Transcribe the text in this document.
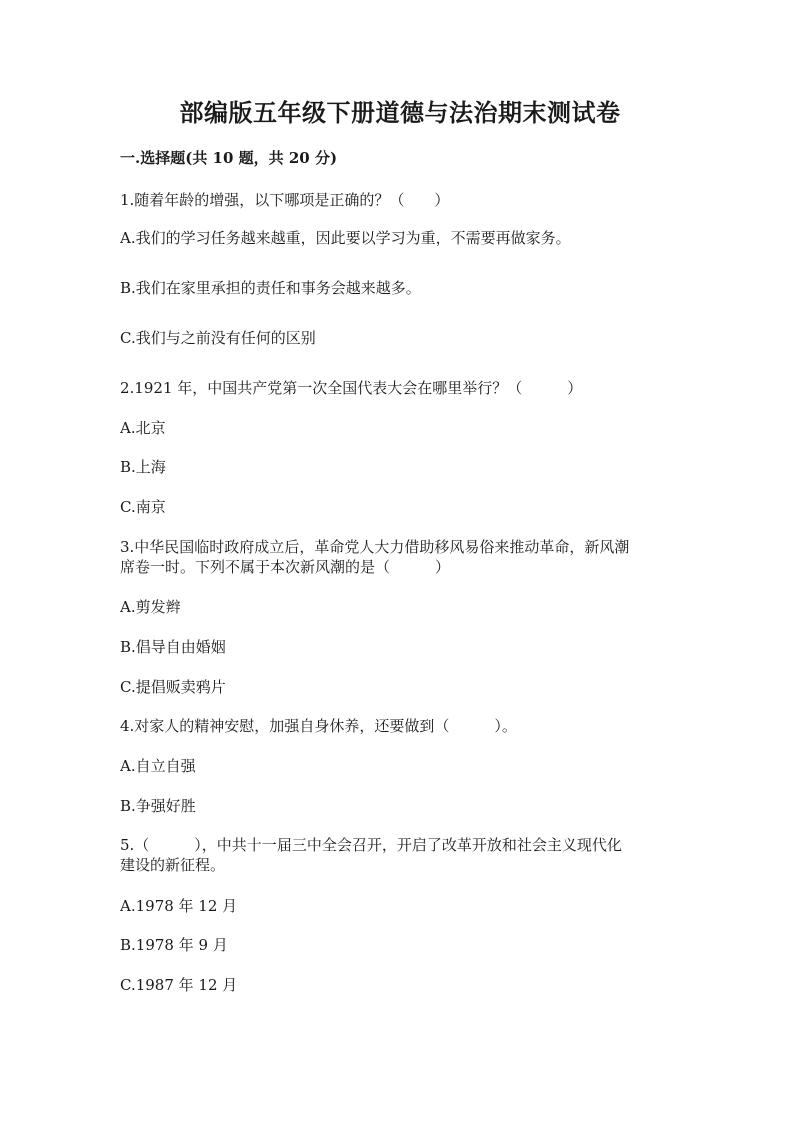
部编版五年级下册道德与法治期末测试卷

一.选择题(共 10 题，共 20 分)

1.随着年龄的增强，以下哪项是正确的？（　　）

A.我们的学习任务越来越重，因此要以学习为重，不需要再做家务。

B.我们在家里承担的责任和事务会越来越多。

C.我们与之前没有任何的区别

2.1921 年，中国共产党第一次全国代表大会在哪里举行？（　　　）

A.北京

B.上海

C.南京

3.中华民国临时政府成立后，革命党人大力借助移风易俗来推动革命，新风潮

席卷一时。下列不属于本次新风潮的是（　　　）

A.剪发辫

B.倡导自由婚姻

C.提倡贩卖鸦片

4.对家人的精神安慰，加强自身休养，还要做到（　　　）。

A.自立自强

B.争强好胜

5.（　　　），中共十一届三中全会召开，开启了改革开放和社会主义现代化

建设的新征程。

A.1978 年 12 月

B.1978 年 9 月

C.1987 年 12 月
